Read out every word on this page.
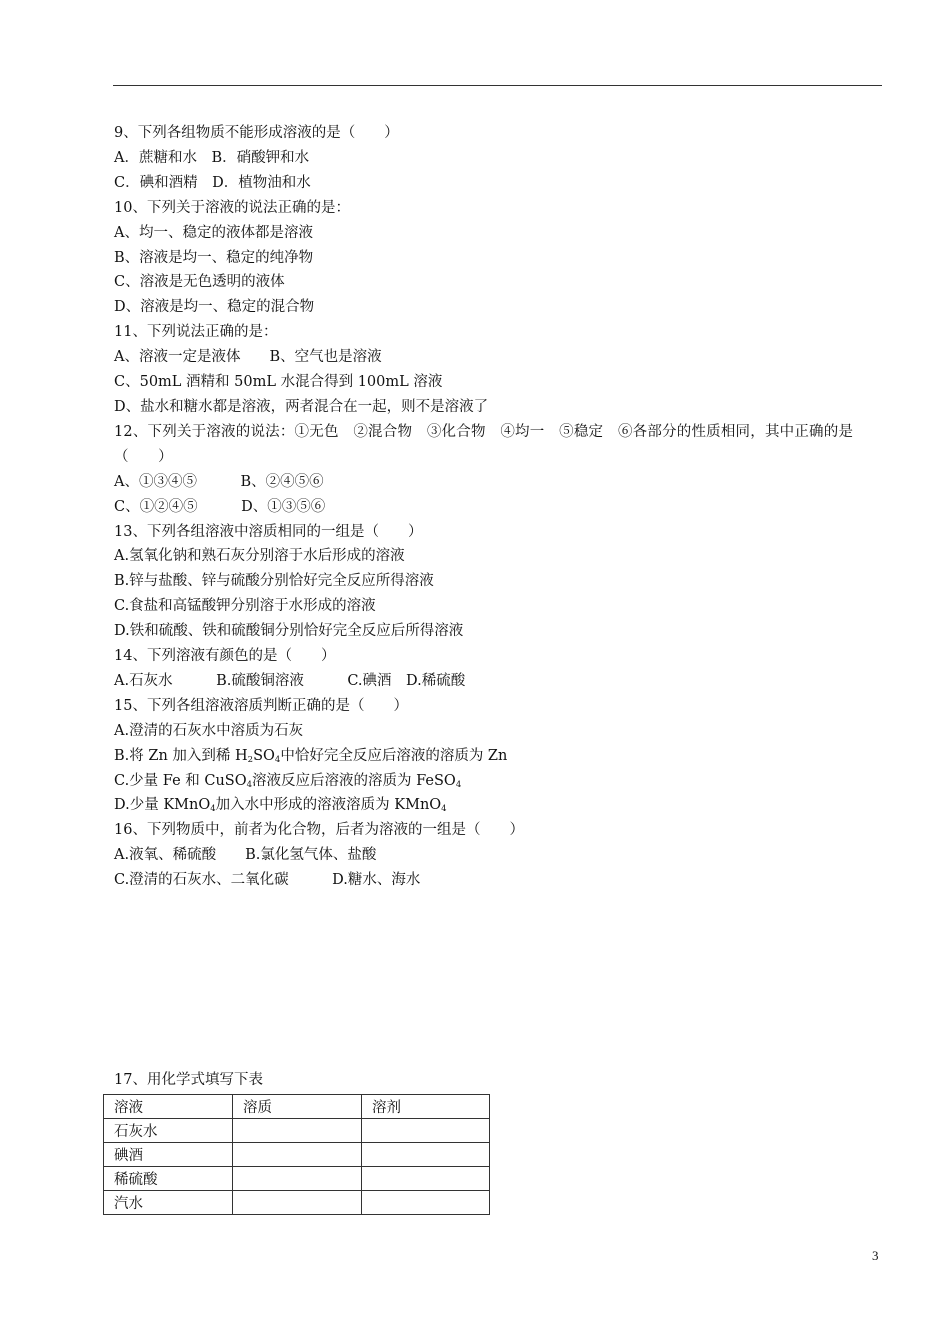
9、下列各组物质不能形成溶液的是（　　）
A．蔗糖和水　B．硝酸钾和水
C．碘和酒精　D．植物油和水
10、下列关于溶液的说法正确的是：
A、均一、稳定的液体都是溶液
B、溶液是均一、稳定的纯净物
C、溶液是无色透明的液体
D、溶液是均一、稳定的混合物
11、下列说法正确的是：
A、溶液一定是液体　　B、空气也是溶液
C、50mL 酒精和 50mL 水混合得到 100mL 溶液
D、盐水和糖水都是溶液，两者混合在一起，则不是溶液了
12、下列关于溶液的说法：①无色　②混合物　③化合物　④均一　⑤稳定　⑥各部分的性质相同，其中正确的是（　　）
A、①③④⑤　　　B、②④⑤⑥
C、①②④⑤　　　D、①③⑤⑥
13、下列各组溶液中溶质相同的一组是（　　）
A.氢氧化钠和熟石灰分别溶于水后形成的溶液
B.锌与盐酸、锌与硫酸分别恰好完全反应所得溶液
C.食盐和高锰酸钾分别溶于水形成的溶液
D.铁和硫酸、铁和硫酸铜分别恰好完全反应后所得溶液
14、下列溶液有颜色的是（　　）
A.石灰水　　　B.硫酸铜溶液　　　C.碘酒　D.稀硫酸
15、下列各组溶液溶质判断正确的是（　　）
A.澄清的石灰水中溶质为石灰
B.将 Zn 加入到稀 $H_2SO_4$中恰好完全反应后溶液的溶质为 Zn
C.少量 Fe 和 CuSO$_4$溶液反应后溶液的溶质为 FeSO$_4$
D.少量 KMnO$_4$加入水中形成的溶液溶质为 KMnO$_4$
16、下列物质中，前者为化合物，后者为溶液的一组是（　　）
A.液氧、稀硫酸　　B.氯化氢气体、盐酸
C.澄清的石灰水、二氧化碳　　　D.糖水、海水
17、用化学式填写下表
溶液	溶质	溶剂
石灰水		
碘酒		
稀硫酸		
汽水		
3
